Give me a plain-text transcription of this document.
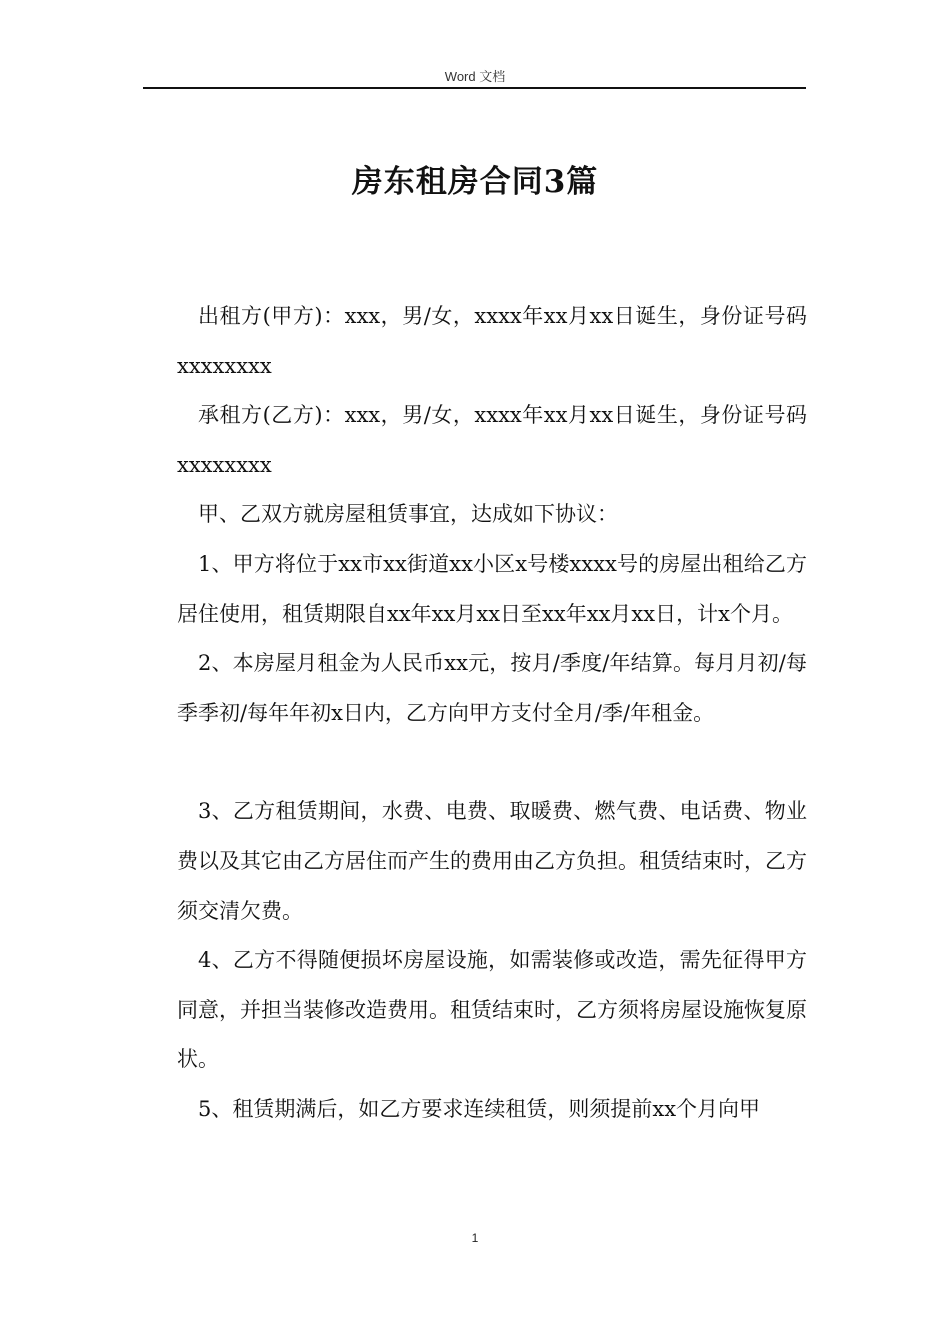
Word 文档
房东租房合同3篇

出租方(甲方)：xxx，男/女，xxxx年xx月xx日诞生，身份证号码xxxxxxxx

承租方(乙方)：xxx，男/女，xxxx年xx月xx日诞生，身份证号码xxxxxxxx

甲、乙双方就房屋租赁事宜，达成如下协议：

1、甲方将位于xx市xx街道xx小区x号楼xxxx号的房屋出租给乙方居住使用，租赁期限自xx年xx月xx日至xx年xx月xx日，计x个月。

2、本房屋月租金为人民币xx元，按月/季度/年结算。每月月初/每季季初/每年年初x日内，乙方向甲方支付全月/季/年租金。

3、乙方租赁期间，水费、电费、取暖费、燃气费、电话费、物业费以及其它由乙方居住而产生的费用由乙方负担。租赁结束时，乙方须交清欠费。

4、乙方不得随便损坏房屋设施，如需装修或改造，需先征得甲方同意，并担当装修改造费用。租赁结束时，乙方须将房屋设施恢复原状。

5、租赁期满后，如乙方要求连续租赁，则须提前xx个月向甲

1
